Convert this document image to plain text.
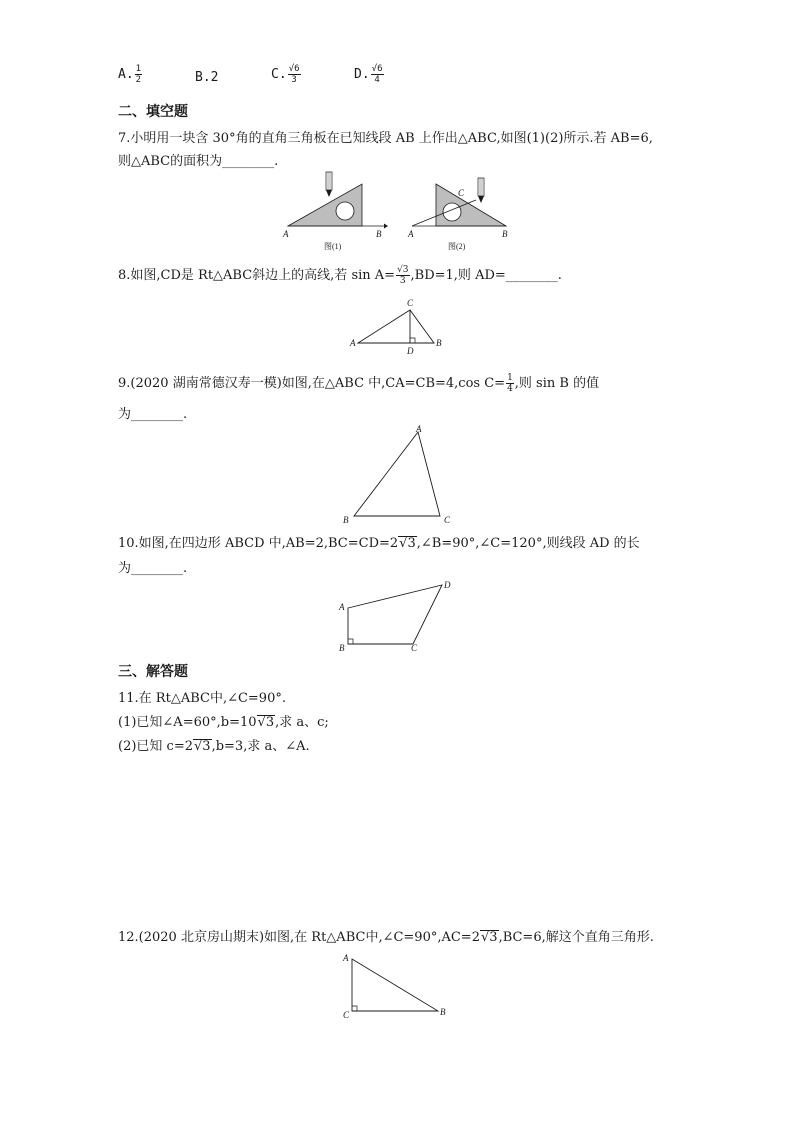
A. $\frac{1}{2}$	B.2	C. $\frac{√6}{3}$	D. $\frac{√6}{4}$
二、填空题
7.小明用一块含 30°角的直角三角板在已知线段 AB 上作出△ABC,如图(1)(2)所示.若 AB=6,
则△ABC的面积为________.
A	B
图(1)
C
A	B
图(2)
8.如图,CD是 Rt△ABC斜边上的高线,若 $\sin A= \frac{√3}{3} ,BD=1$,则 AD=________.
C
A	B
D
9.(2020 湖南常德汉寿一模)如图,在△ABC 中,CA=CB=4,cos $C= \frac{1}{4}$ ,则 sin B 的值
为________.
A
B	C
10.如图,在四边形 ABCD 中,AB=2,BC=CD=2√3,∠B=90°,∠C=120°,则线段 AD 的长
为________.
A
D
B	C
三、解答题
11.在 Rt△ABC中,∠C=90°.
(1)已知∠A=60°,b=10√3,求 a、c;
(2)已知 c=2√3,b=3,求 a、∠A.
12.(2020 北京房山期末)如图,在 Rt△ABC中,∠C=90°,AC=2√3,BC=6,解这个直角三角形.
A
C	B
